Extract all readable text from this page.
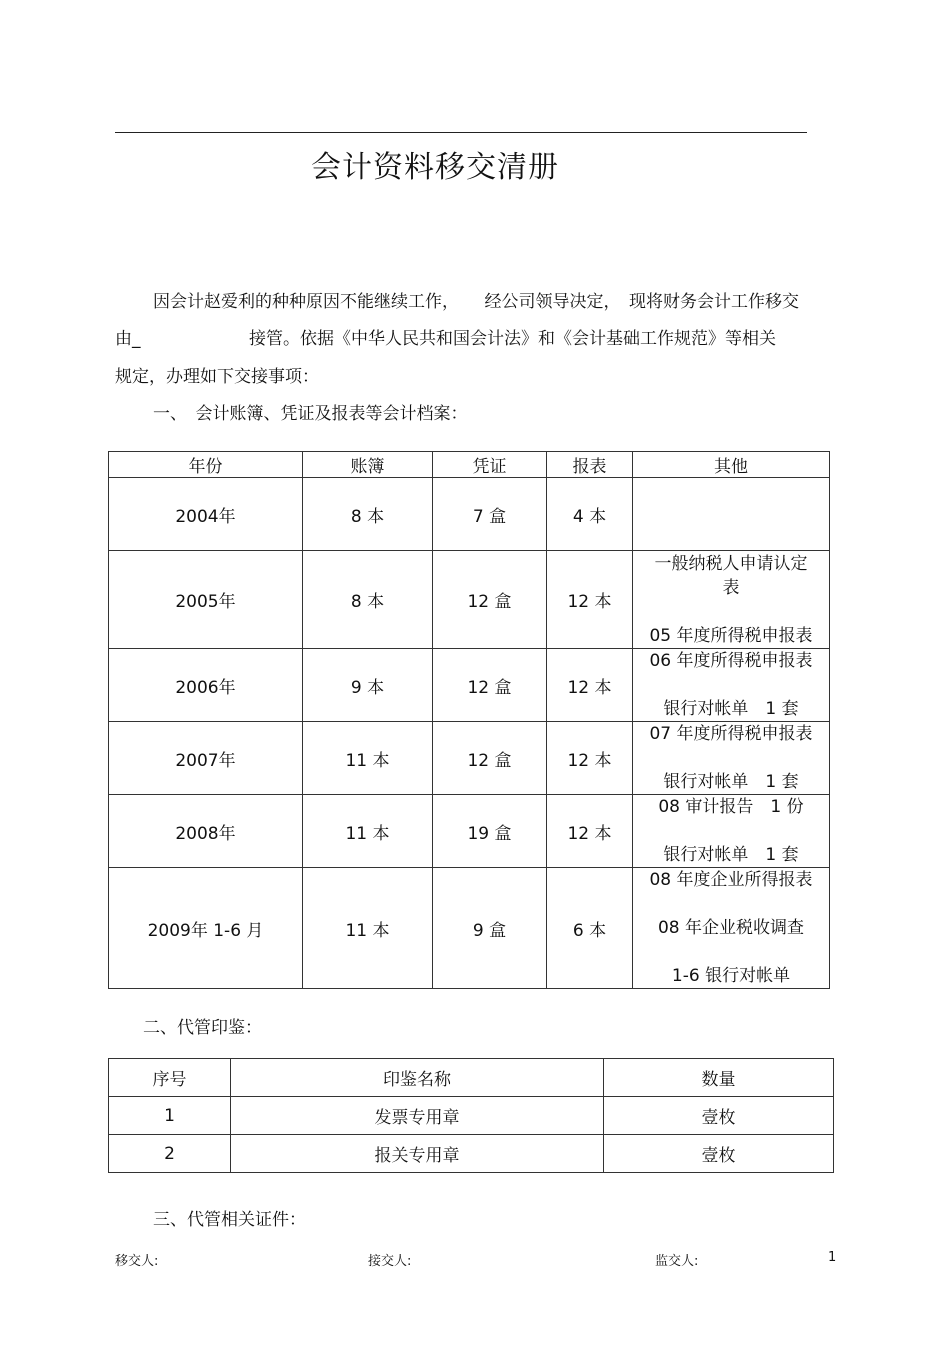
会计资料移交清册
因会计赵爱利的种种原因不能继续工作，　　经公司领导决定，　现将财务会计工作移交
由_	接管。依据《中华人民共和国会计法》和《会计基础工作规范》等相关
规定，办理如下交接事项：
一、　会计账簿、凭证及报表等会计档案：
年份	账簿	凭证	报表	其他
2004年	8 本	7 盒	4 本	
2005年	8 本	12 盒	12 本	一般纳税人申请认定
表

05 年度所得税申报表

2006年	9 本	12 盒	12 本	06 年度所得税申报表

银行对帐单　1 套

2007年	11 本	12 盒	12 本	07 年度所得税申报表

银行对帐单　1 套

2008年	11 本	19 盒	12 本	08 审计报告　1 份

银行对帐单　1 套

2009年 1-6 月	11 本	9 盒	6 本	08 年度企业所得报表

08 年企业税收调查

1-6 银行对帐单
二、代管印鉴：
序号	印鉴名称	数量
1	发票专用章	壹枚
2	报关专用章	壹枚
三、代管相关证件：
移交人:	接交人:	监交人:	1
